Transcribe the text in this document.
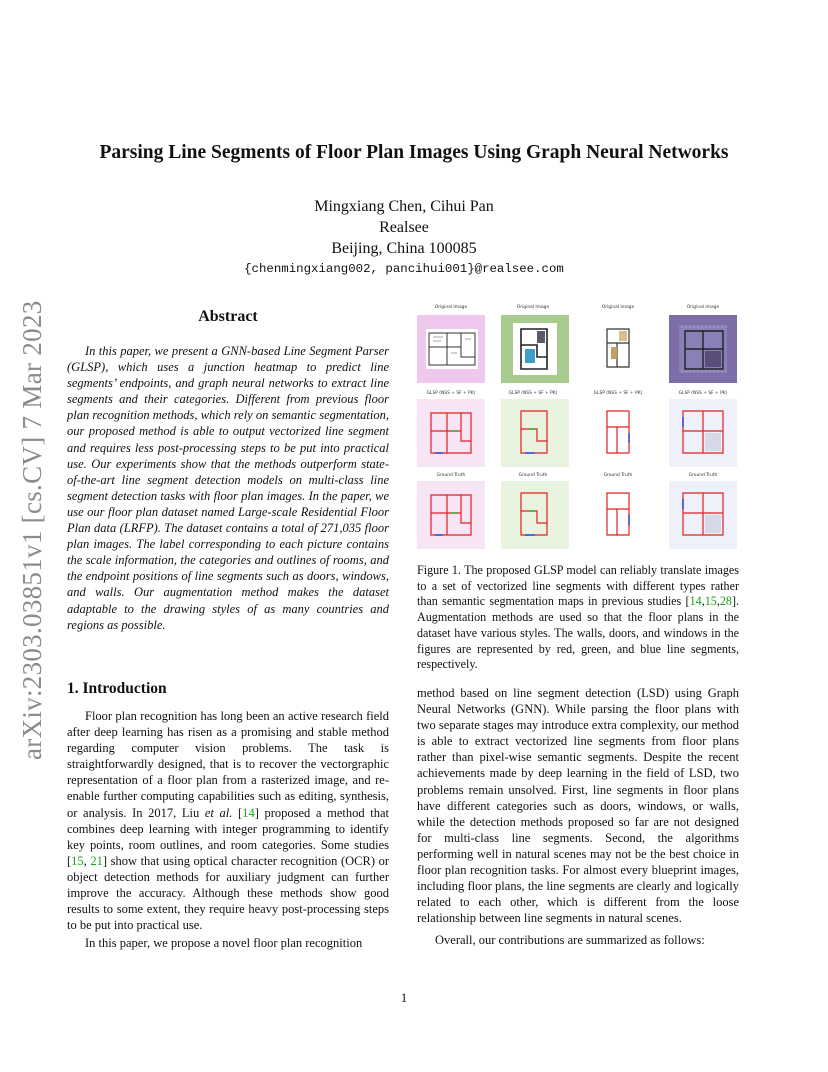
arXiv:2303.03851v1 [cs.CV] 7 Mar 2023
Parsing Line Segments of Floor Plan Images Using Graph Neural Networks
Mingxiang Chen, Cihui Pan
Realsee
Beijing, China 100085
{chenmingxiang002, pancihui001}@realsee.com
Abstract

In this paper, we present a GNN-based Line Segment Parser (GLSP), which uses a junction heatmap to predict line segments’ endpoints, and graph neural networks to extract line segments and their categories. Different from previous floor plan recognition methods, which rely on semantic segmentation, our proposed method is able to output vectorized line segment and requires less post-processing steps to be put into practical use. Our experiments show that the methods outperform state-of-the-art line segment detection models on multi-class line segment detection tasks with floor plan images. In the paper, we use our floor plan dataset named Large-scale Residential Floor Plan data (LRFP). The dataset contains a total of 271,035 floor plan images. The label corresponding to each picture contains the scale information, the categories and outlines of rooms, and the endpoint positions of line segments such as doors, windows, and walls. Our augmentation method makes the dataset adaptable to the drawing styles of as many countries and regions as possible.

Original Image	Original Image	Original Image	Original Image
GLSP (NSS + SF + PK)	GLSP (NSS + SF + PK)	GLSP (NSS + SF + PK)	GLSP (NSS + SF + PK)
Ground Truth	Ground Truth	Ground Truth	Ground Truth

Figure 1. The proposed GLSP model can reliably translate images to a set of vectorized line segments with different types rather than semantic segmentation maps in previous studies [14,15,28]. Augmentation methods are used so that the floor plans in the dataset have various styles. The walls, doors, and windows in the figures are represented by red, green, and blue line segments, respectively.

1. Introduction

Floor plan recognition has long been an active research field after deep learning has risen as a promising and stable method regarding computer vision problems. The task is straightforwardly designed, that is to recover the vectorgraphic representation of a floor plan from a rasterized image, and re-enable further computing capabilities such as editing, synthesis, or analysis. In 2017, Liu et al. [14] proposed a method that combines deep learning with integer programming to identify key points, room outlines, and room categories. Some studies [15, 21] show that using optical character recognition (OCR) or object detection methods for auxiliary judgment can further improve the accuracy. Although these methods show good results to some extent, they require heavy post-processing steps to be put into practical use.

In this paper, we propose a novel floor plan recognition

method based on line segment detection (LSD) using Graph Neural Networks (GNN). While parsing the floor plans with two separate stages may introduce extra complexity, our method is able to extract vectorized line segments from floor plans rather than pixel-wise semantic segments. Despite the recent achievements made by deep learning in the field of LSD, two problems remain unsolved. First, line segments in floor plans have different categories such as doors, windows, or walls, while the detection methods proposed so far are not designed for multi-class line segments. Second, the algorithms performing well in natural scenes may not be the best choice in floor plan recognition tasks. For almost every blueprint images, including floor plans, the line segments are clearly and logically related to each other, which is different from the loose relationship between line segments in natural scenes.

Overall, our contributions are summarized as follows:

1
